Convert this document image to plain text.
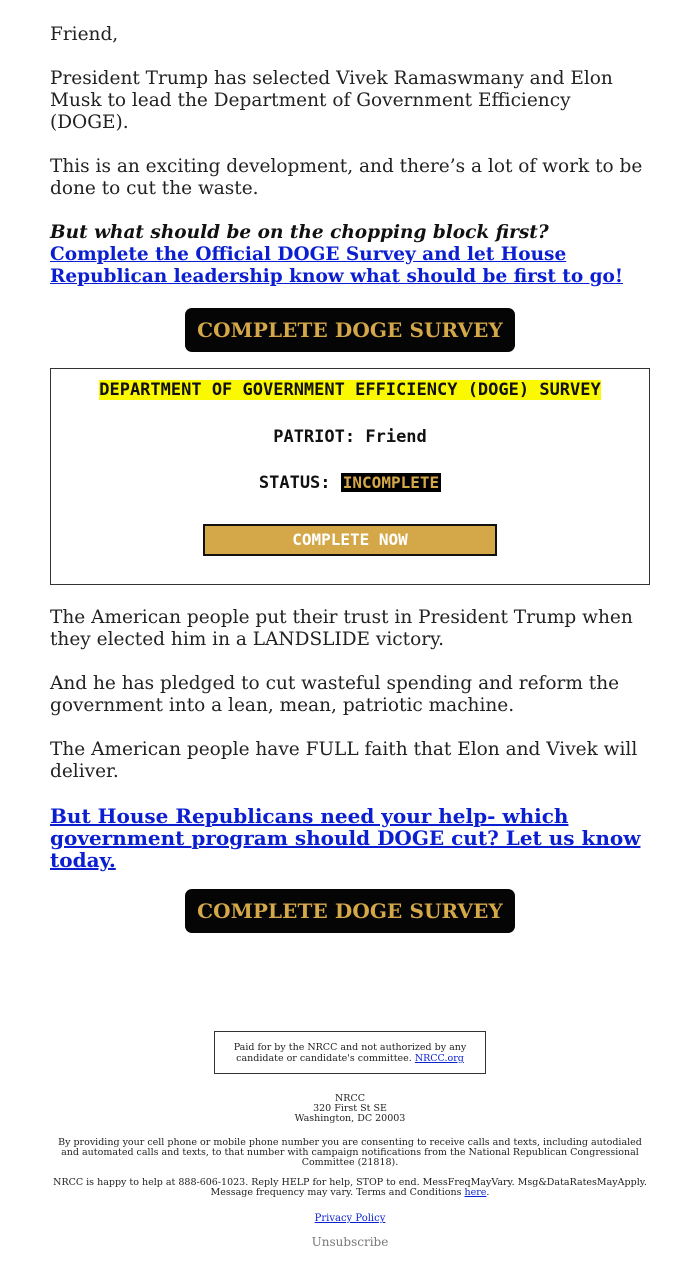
Friend,

President Trump has selected Vivek Ramaswmany and Elon Musk to lead the Department of Government Efficiency (DOGE).

This is an exciting development, and there’s a lot of work to be done to cut the waste.

But what should be on the chopping block first? Complete the Official DOGE Survey and let House Republican leadership know what should be first to go!

COMPLETE DOGE SURVEY
DEPARTMENT OF GOVERNMENT EFFICIENCY (DOGE) SURVEY
PATRIOT: Friend
STATUS: INCOMPLETE
COMPLETE NOW

The American people put their trust in President Trump when they elected him in a LANDSLIDE victory.

And he has pledged to cut wasteful spending and reform the government into a lean, mean, patriotic machine.

The American people have FULL faith that Elon and Vivek will deliver.

But House Republicans need your help- which government program should DOGE cut? Let us know today.

COMPLETE DOGE SURVEY
Paid for by the NRCC and not authorized by any candidate or candidate's committee. NRCC.org
NRCC
320 First St SE
Washington, DC 20003
By providing your cell phone or mobile phone number you are consenting to receive calls and texts, including autodialed and automated calls and texts, to that number with campaign notifications from the National Republican Congressional Committee (21818).
NRCC is happy to help at 888-606-1023. Reply HELP for help, STOP to end. MessFreqMayVary. Msg&DataRatesMayApply. Message frequency may vary. Terms and Conditions here.
Privacy Policy
Unsubscribe
